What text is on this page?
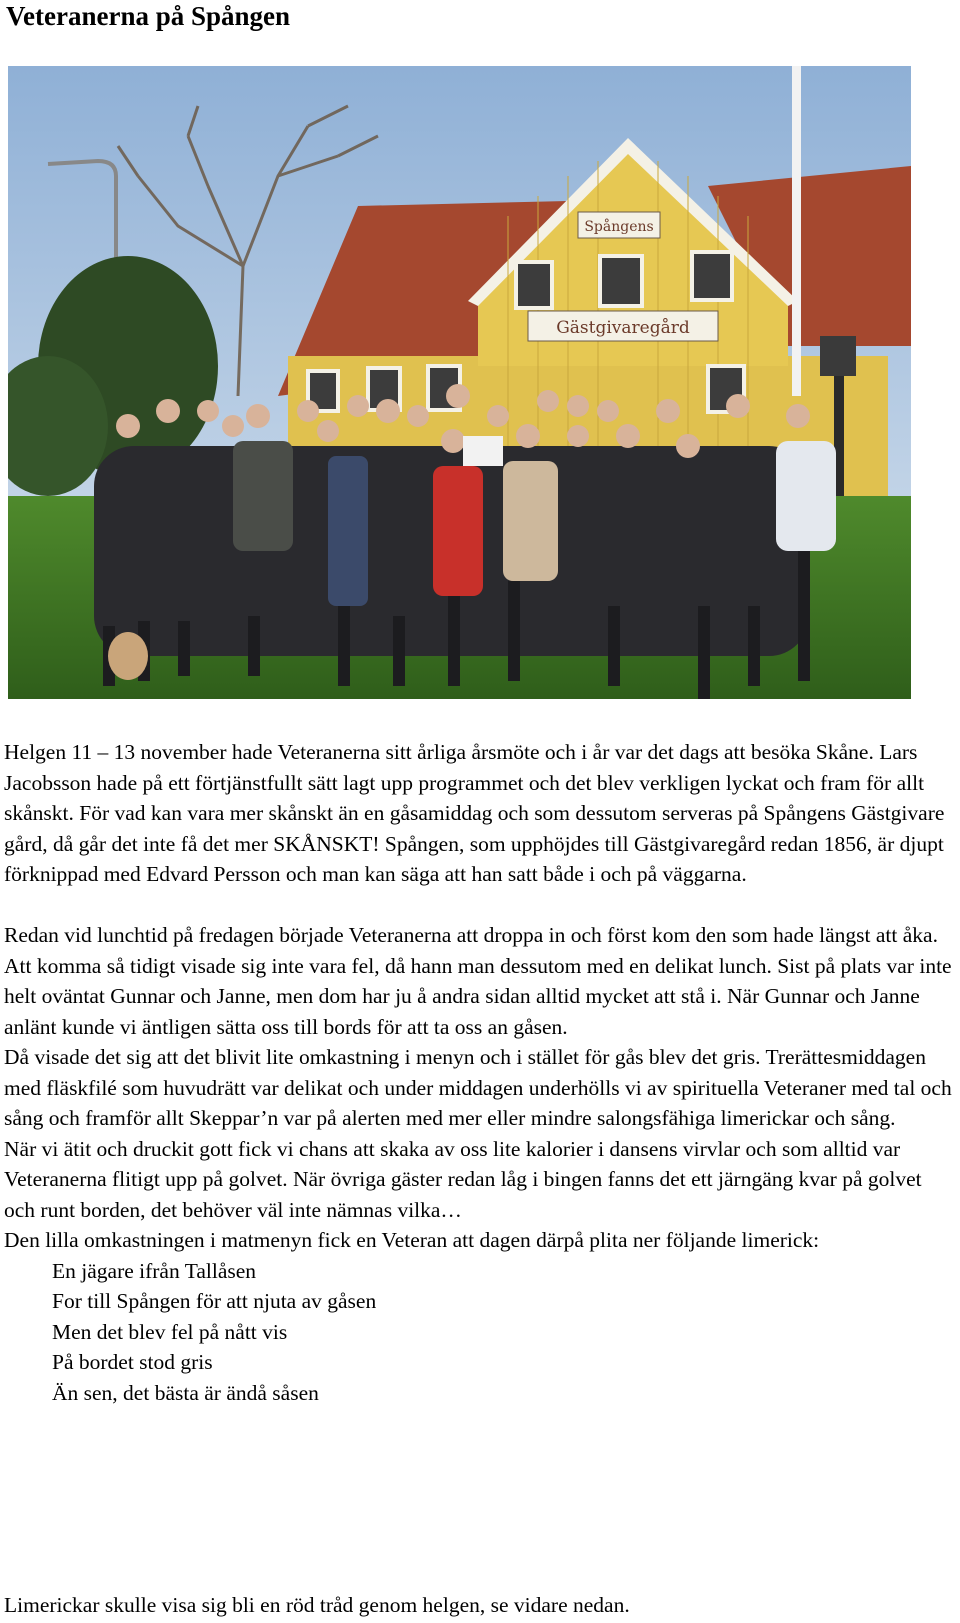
Veteranerna på Spången
Spångens
Gästgivaregård

Helgen 11 – 13 november hade Veteranerna sitt årliga årsmöte och i år var det dags att besöka Skåne. Lars Jacobsson hade på ett förtjänstfullt sätt lagt upp programmet och det blev verkligen lyckat och fram för allt skånskt. För vad kan vara mer skånskt än en gåsamiddag och som dessutom serveras på Spångens Gästgivare gård, då går det inte få det mer SKÅNSKT! Spången, som upphöjdes till Gästgivaregård redan 1856, är djupt förknippad med Edvard Persson och man kan säga att han satt både i och på väggarna.

Redan vid lunchtid på fredagen började Veteranerna att droppa in och först kom den som hade längst att åka. Att komma så tidigt visade sig inte vara fel, då hann man dessutom med en delikat lunch. Sist på plats var inte helt oväntat Gunnar och Janne, men dom har ju å andra sidan alltid mycket att stå i. När Gunnar och Janne anlänt kunde vi äntligen sätta oss till bords för att ta oss an gåsen.

Då visade det sig att det blivit lite omkastning i menyn och i stället för gås blev det gris. Trerättesmiddagen med fläskfilé som huvudrätt var delikat och under middagen underhölls vi av spirituella Veteraner med tal och sång och framför allt Skeppar’n var på alerten med mer eller mindre salongsfähiga limerickar och sång.

När vi ätit och druckit gott fick vi chans att skaka av oss lite kalorier i dansens virvlar och som alltid var Veteranerna flitigt upp på golvet. När övriga gäster redan låg i bingen fanns det ett järngäng kvar på golvet och runt borden, det behöver väl inte nämnas vilka…

Den lilla omkastningen i matmenyn fick en Veteran att dagen därpå plita ner följande limerick:

En jägare ifrån Tallåsen
For till Spången för att njuta av gåsen
Men det blev fel på nått vis
På bordet stod gris
Än sen, det bästa är ändå såsen

Limerickar skulle visa sig bli en röd tråd genom helgen, se vidare nedan.
